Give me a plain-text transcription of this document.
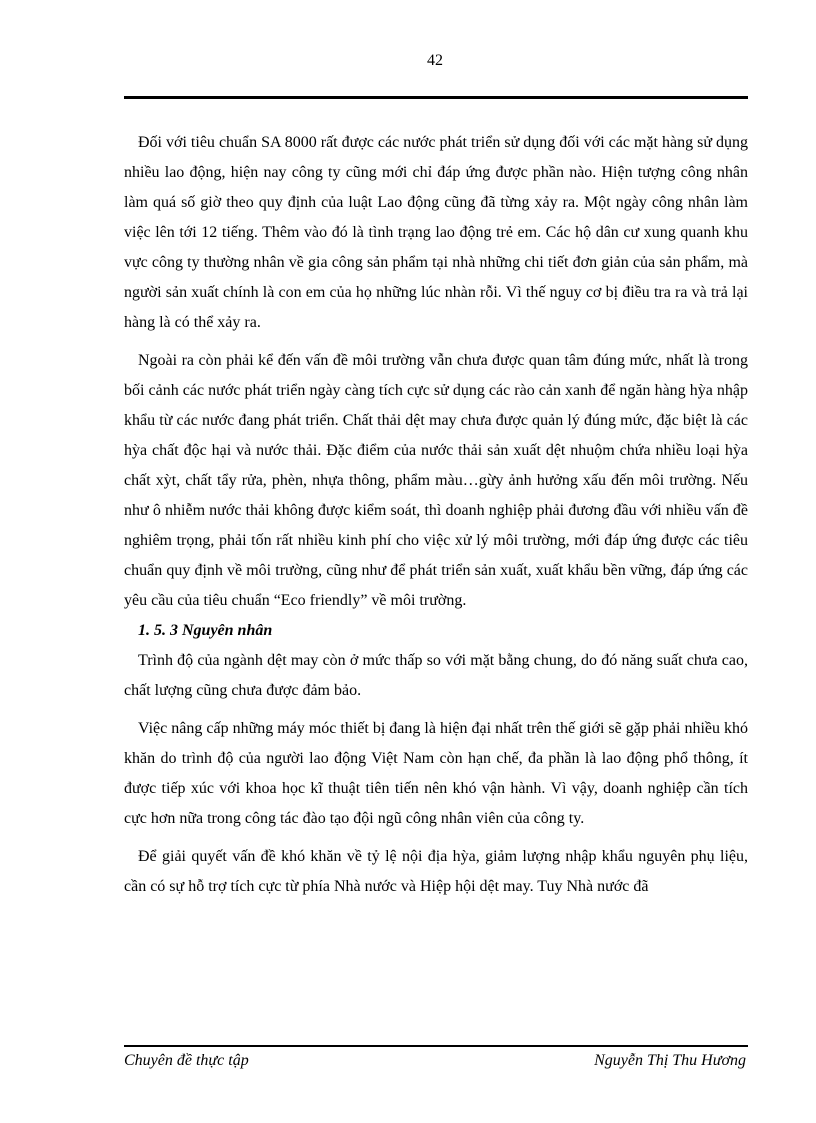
42

Đối với tiêu chuẩn SA 8000 rất được các nước phát triển sử dụng đối với các mặt hàng sử dụng nhiều lao động, hiện nay công ty cũng mới chỉ đáp ứng được phần nào. Hiện tượng công nhân làm quá số giờ theo quy định của luật Lao động cũng đã từng xảy ra. Một ngày công nhân làm việc lên tới 12 tiếng. Thêm vào đó là tình trạng lao động trẻ em. Các hộ dân cư xung quanh khu vực công ty thường nhân về gia công sản phẩm tại nhà những chi tiết đơn giản của sản phẩm, mà người sản xuất chính là con em của họ những lúc nhàn rỗi. Vì thế nguy cơ bị điều tra ra và trả lại hàng là có thể xảy ra.

Ngoài ra còn phải kể đến vấn đề môi trường vẫn chưa được quan tâm đúng mức, nhất là trong bối cảnh các nước phát triển ngày càng tích cực sử dụng các rào cản xanh để ngăn hàng hỳa nhập khẩu từ các nước đang phát triển. Chất thải dệt may chưa được quản lý đúng mức, đặc biệt là các hỳa chất độc hại và nước thải. Đặc điểm của nước thải sản xuất dệt nhuộm chứa nhiều loại hỳa chất xỳt, chất tẩy rửa, phèn, nhựa thông, phẩm màu…gừy ảnh hưởng xấu đến môi trường. Nếu như ô nhiễm nước thải không được kiểm soát, thì doanh nghiệp phải đương đầu với nhiều vấn đề nghiêm trọng, phải tốn rất nhiều kinh phí cho việc xử lý môi trường, mới đáp ứng được các tiêu chuẩn quy định về môi trường, cũng như để phát triển sản xuất, xuất khẩu bền vững, đáp ứng các yêu cầu của tiêu chuẩn “Eco friendly” về môi trường.

1. 5. 3 Nguyên nhân

Trình độ của ngành dệt may còn ở mức thấp so với mặt bằng chung, do đó năng suất chưa cao, chất lượng cũng chưa được đảm bảo.

Việc nâng cấp những máy móc thiết bị đang là hiện đại nhất trên thế giới sẽ gặp phải nhiều khó khăn do trình độ của người lao động Việt Nam còn hạn chế, đa phần là lao động phổ thông, ít được tiếp xúc với khoa học kĩ thuật tiên tiến nên khó vận hành. Vì vậy, doanh nghiệp cần tích cực hơn nữa trong công tác đào tạo đội ngũ công nhân viên của công ty.

Để giải quyết vấn đề khó khăn về tỷ lệ nội địa hỳa, giảm lượng nhập khẩu nguyên phụ liệu, cần có sự hỗ trợ tích cực từ phía Nhà nước và Hiệp hội dệt may. Tuy Nhà nước đã

Chuyên đề thực tập	Nguyễn Thị Thu Hương
